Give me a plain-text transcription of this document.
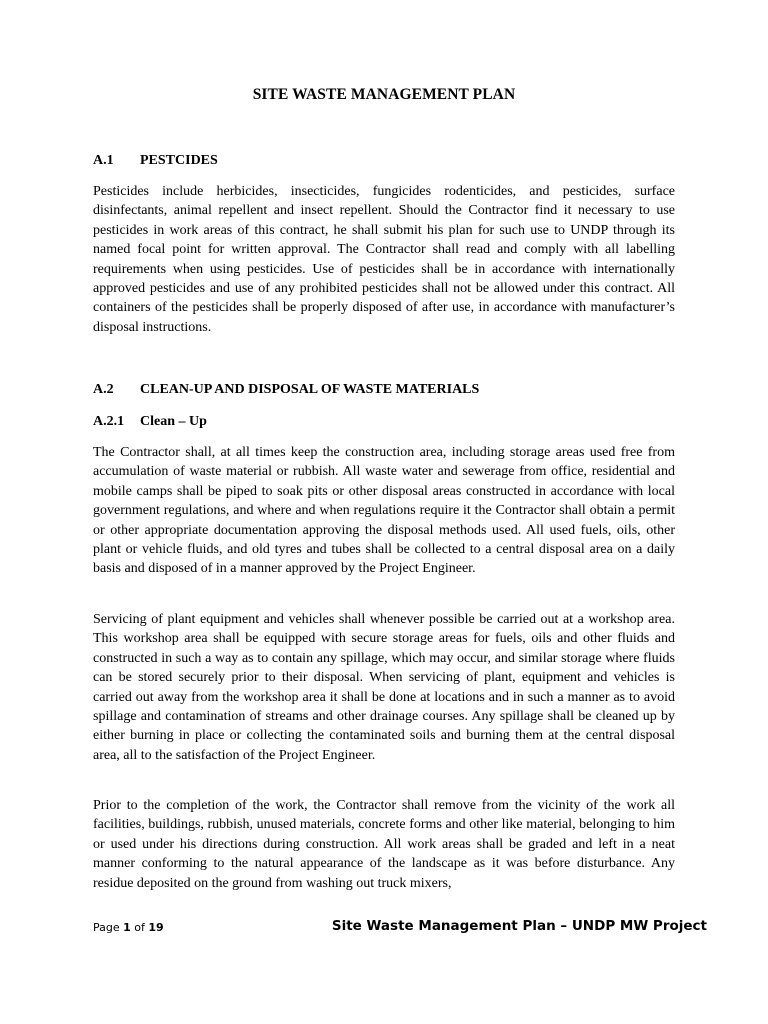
SITE WASTE MANAGEMENT PLAN
A.1 PESTCIDES

Pesticides include herbicides, insecticides, fungicides rodenticides, and pesticides, surface disinfectants, animal repellent and insect repellent. Should the Contractor find it necessary to use pesticides in work areas of this contract, he shall submit his plan for such use to UNDP through its named focal point for written approval. The Contractor shall read and comply with all labelling requirements when using pesticides. Use of pesticides shall be in accordance with internationally approved pesticides and use of any prohibited pesticides shall not be allowed under this contract. All containers of the pesticides shall be properly disposed of after use, in accordance with manufacturer’s disposal instructions.

A.2 CLEAN-UP AND DISPOSAL OF WASTE MATERIALS
A.2.1 Clean – Up

The Contractor shall, at all times keep the construction area, including storage areas used free from accumulation of waste material or rubbish. All waste water and sewerage from office, residential and mobile camps shall be piped to soak pits or other disposal areas constructed in accordance with local government regulations, and where and when regulations require it the Contractor shall obtain a permit or other appropriate documentation approving the disposal methods used. All used fuels, oils, other plant or vehicle fluids, and old tyres and tubes shall be collected to a central disposal area on a daily basis and disposed of in a manner approved by the Project Engineer.

Servicing of plant equipment and vehicles shall whenever possible be carried out at a workshop area. This workshop area shall be equipped with secure storage areas for fuels, oils and other fluids and constructed in such a way as to contain any spillage, which may occur, and similar storage where fluids can be stored securely prior to their disposal. When servicing of plant, equipment and vehicles is carried out away from the workshop area it shall be done at locations and in such a manner as to avoid spillage and contamination of streams and other drainage courses. Any spillage shall be cleaned up by either burning in place or collecting the contaminated soils and burning them at the central disposal area, all to the satisfaction of the Project Engineer.

Prior to the completion of the work, the Contractor shall remove from the vicinity of the work all facilities, buildings, rubbish, unused materials, concrete forms and other like material, belonging to him or used under his directions during construction. All work areas shall be graded and left in a neat manner conforming to the natural appearance of the landscape as it was before disturbance. Any residue deposited on the ground from washing out truck mixers,

Page 1 of 19	Site Waste Management Plan – UNDP MW Project
